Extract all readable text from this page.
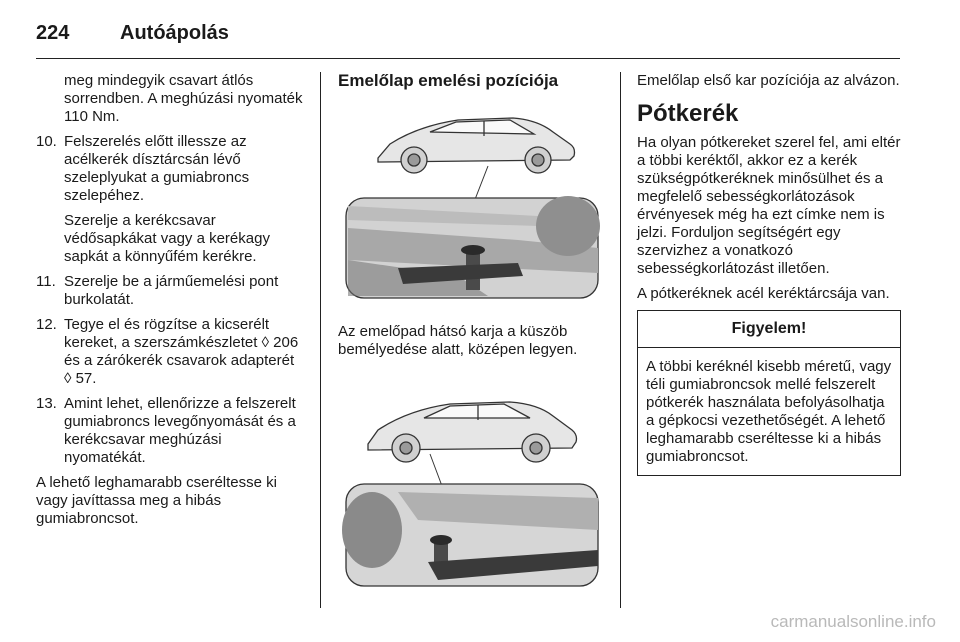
224	Autóápolás

meg mindegyik csavart átlós sorrendben. A meghúzási nyomaték 110 Nm.

10. Felszerelés előtt illessze az acélkerék dísztárcsán lévő szeleplyukat a gumiabroncs szelepéhez.

Szerelje a kerékcsavar védősapkákat vagy a kerékagy sapkát a könnyűfém kerékre.

11. Szerelje be a járműemelési pont burkolatát.
12. Tegye el és rögzítse a kicserélt kereket, a szerszámkészletet ◊ 206 és a zárókerék csavarok adapterét ◊ 57.
13. Amint lehet, ellenőrizze a felszerelt gumiabroncs levegőnyomását és a kerékcsavar meghúzási nyomatékát.

A lehető leghamarabb cseréltesse ki vagy javíttassa meg a hibás gumiabroncsot.

Emelőlap emelési pozíciója

Az emelőpad hátsó karja a küszöb bemélyedése alatt, középen legyen.

Emelőlap első kar pozíciója az alvázon.

Pótkerék

Ha olyan pótkereket szerel fel, ami eltér a többi keréktől, akkor ez a kerék szükségpótkeréknek minősülhet és a megfelelő sebességkorlátozások érvényesek még ha ezt címke nem is jelzi. Forduljon segítségért egy szervizhez a vonatkozó sebességkorlátozást illetően.

A pótkeréknek acél keréktárcsája van.

Figyelem!
A többi keréknél kisebb méretű, vagy téli gumiabroncsok mellé felszerelt pótkerék használata befolyásolhatja a gépkocsi vezethetőségét. A lehető leghamarabb cseréltesse ki a hibás gumiabroncsot.
carmanualsonline.info
